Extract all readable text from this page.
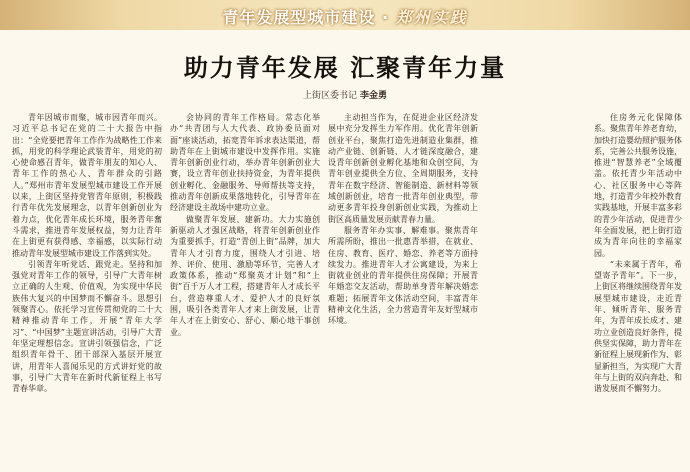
青年发展型城市建设 · 郑州实践
助力青年发展 汇聚青年力量
上街区委书记 李金勇

青年因城市而聚，城市因青年而兴。习近平总书记在党的二十大报告中指出：“全党要把青年工作作为战略性工作来抓，用党的科学理论武装青年，用党的初心使命感召青年，做青年朋友的知心人、青年工作的热心人、青年群众的引路人。”郑州市青年发展型城市建设工作开展以来，上街区坚持党管青年原则，积极践行青年优先发展理念，以青年创新创业为着力点，优化青年成长环境，服务青年奮斗需求，推进青年发展权益，努力让青年在上街更有获得感、幸福感，以实际行动推动青年发展型城市建设工作落到实处。

引领青年听党话、跟党走。坚持和加强党对青年工作的领导，引导广大青年树立正确的人生观、价值观，为实现中华民族伟大复兴的中国梦而不懈奋斗。思想引领聚青心。依托学习宣传贯彻党的二十大精神推动青年工作，开展“青年大学习”、“中国梦”主题宣讲活动，引导广大青年坚定理想信念。宣讲引领强信念，广泛组织青年骨干、团干部深入基层开展宣讲，用青年人喜闻乐见的方式讲好党的故事，引导广大青年在新时代新征程上书写青春华章。

会协同的青年工作格局。常态化举办“共青团与人大代表、政协委员面对面”座谈活动，拓宽青年诉求表达渠道，帮助青年在上街城市建设中发挥作用。实施青年创新创业行动，举办青年创新创业大赛，设立青年创业扶持资金，为青年提供创业孵化、金融服务、导师帮扶等支持，推动青年创新成果落地转化，引导青年在经济建设主战场中建功立业。

做聚青年发展、建新功。大力实施创新驱动人才强区战略，将青年创新创业作为重要抓手，打造“青创上街”品牌，加大青年人才引育力度，围绕人才引进、培养、评价、使用、激励等环节，完善人才政策体系，推动“郑聚英才计划”和“上街”百千万人才工程，搭建青年人才成长平台，营造尊重人才、爱护人才的良好氛围，吸引各类青年人才来上街发展，让青年人才在上街安心、舒心、顺心地干事创业。

主动担当作为，在促进企业区经济发展中充分发挥生力军作用。优化青年创新创业平台，聚焦打造先进制造业集群，推动产业链、创新链、人才链深度融合，建设青年创新创业孵化基地和众创空间，为青年创业提供全方位、全周期服务，支持青年在数字经济、智能制造、新材料等领域创新创业，培育一批青年创业典型，带动更多青年投身创新创业实践，为推动上街区高质量发展贡献青春力量。

服务青年办实事、解难事。聚焦青年所需所盼，推出一批惠青举措，在就业、住房、教育、医疗、婚恋、养老等方面持续发力。推进青年人才公寓建设，为来上街就业创业的青年提供住房保障；开展青年婚恋交友活动，帮助单身青年解决婚恋难题；拓展青年文体活动空间，丰富青年精神文化生活，全力营造青年友好型城市环境。

住房务元化保障体系。聚焦青年养老育幼，加快打造婴幼照护服务体系，完善公共服务设施，推进“智慧养老”全域覆盖。依托青少年活动中心、社区服务中心等阵地，打造青少年校外教育实践基地，开展丰富多彩的青少年活动，促进青少年全面发展，把上街打造成为青年向往的幸福家园。

“未来属于青年，希望寄予青年”。下一步，上街区将继续围绕青年发展型城市建设，走近青年、倾听青年、服务青年，为青年成长成才、建功立业创造良好条件，提供坚实保障，助力青年在新征程上展现新作为、彰显新担当，为实现广大青年与上街的双向奔赴、和谐发展而不懈努力。
